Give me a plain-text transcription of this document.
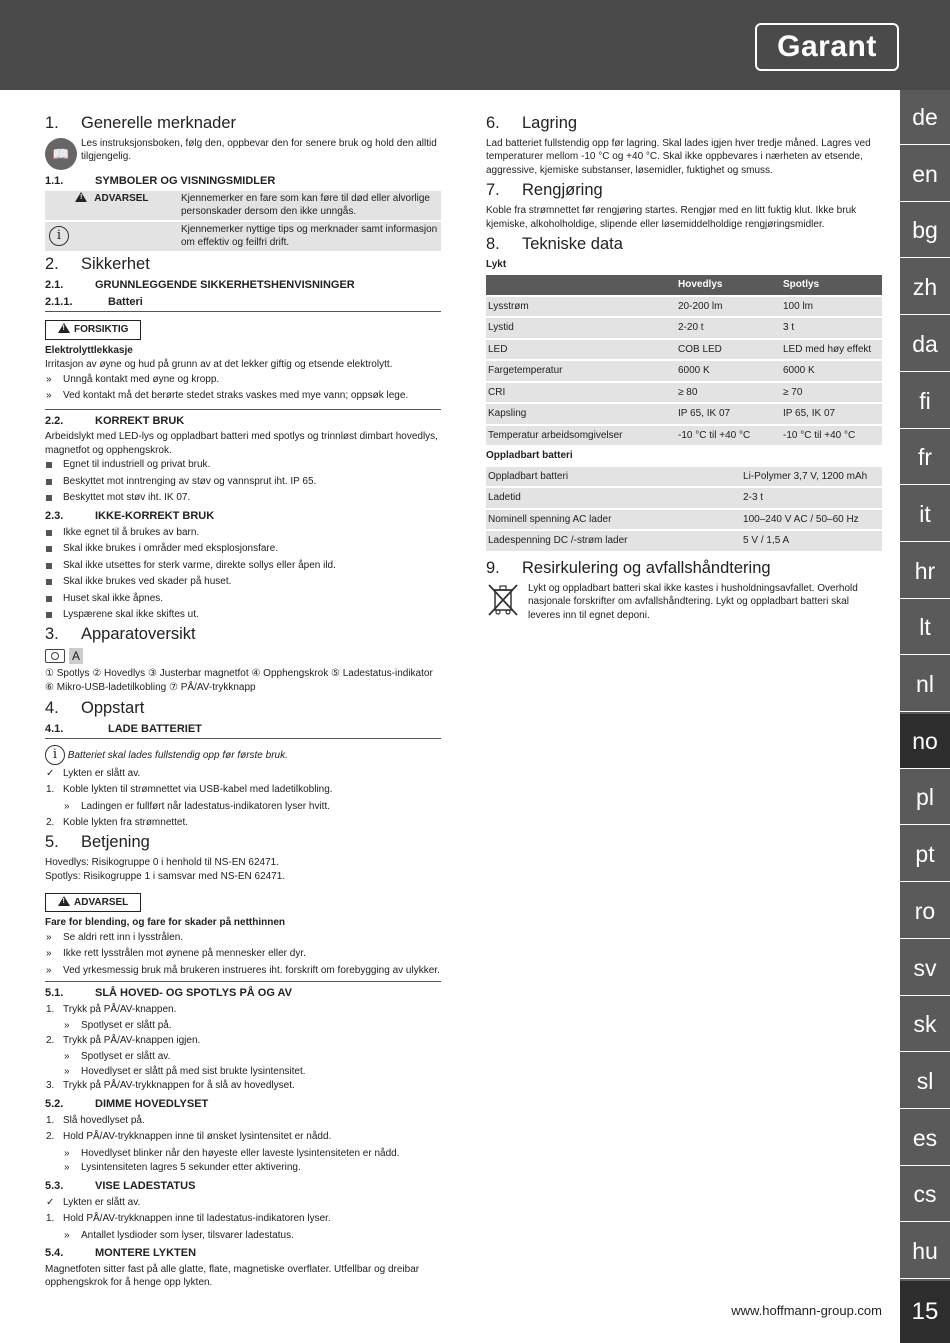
Garant
de
en
bg
zh
da
fi
fr
it
hr
lt
nl
no
pl
pt
ro
sv
sk
sl
es
cs
hu
15
www.hoffmann-group.com
1. Generelle merknader
📖

Les instruksjonsboken, følg den, oppbevar den for senere bruk og hold den alltid tilgjengelig.

1.1.	SYMBOLER OG VISNINGSMIDLER
! ADVARSEL	Kjennemerker en fare som kan føre til død eller alvorlige personskader dersom den ikke unngås.
i	Kjennemerker nyttige tips og merknader samt informasjon om effektiv og feilfri drift.
2. Sikkerhet
2.1.	GRUNNLEGGENDE SIKKERHETSHENVISNINGER
2.1.1.	Batteri
!FORSIKTIG

Elektrolyttlekkasje

Irritasjon av øyne og hud på grunn av at det lekker giftig og etsende elektrolytt.

» Unngå kontakt med øyne og kropp.
» Ved kontakt må det berørte stedet straks vaskes med mye vann; oppsøk lege.
2.2.	KORREKT BRUK

Arbeidslykt med LED-lys og oppladbart batteri med spotlys og trinnløst dimbart hovedlys, magnetfot og opphengskrok.

Egnet til industriell og privat bruk.
Beskyttet mot inntrenging av støv og vannsprut iht. IP 65.
Beskyttet mot støv iht. IK 07.
2.3.	IKKE-KORREKT BRUK
Ikke egnet til å brukes av barn.
Skal ikke brukes i områder med eksplosjonsfare.
Skal ikke utsettes for sterk varme, direkte sollys eller åpen ild.
Skal ikke brukes ved skader på huset.
Huset skal ikke åpnes.
Lyspærene skal ikke skiftes ut.
3. Apparatoversikt
A

① Spotlys ② Hovedlys ③ Justerbar magnetfot ④ Opphengskrok ⑤ Ladestatus-indikator ⑥ Mikro-USB-ladetilkobling ⑦ PÅ/AV-trykknapp

4. Oppstart
4.1.	LADE BATTERIET
i Batteriet skal lades fullstendig opp før første bruk.
✓ Lykten er slått av.
1. Koble lykten til strømnettet via USB-kabel med ladetilkobling.
» Ladingen er fullført når ladestatus-indikatoren lyser hvitt.
2. Koble lykten fra strømnettet.
5. Betjening

Hovedlys: Risikogruppe 0 i henhold til NS-EN 62471.

Spotlys: Risikogruppe 1 i samsvar med NS-EN 62471.

!ADVARSEL

Fare for blending, og fare for skader på netthinnen

» Se aldri rett inn i lysstrålen.
» Ikke rett lysstrålen mot øynene på mennesker eller dyr.
» Ved yrkesmessig bruk må brukeren instrueres iht. forskrift om forebygging av ulykker.
5.1.	SLÅ HOVED- OG SPOTLYS PÅ OG AV
1. Trykk på PÅ/AV-knappen.
» Spotlyset er slått på.
2. Trykk på PÅ/AV-knappen igjen.
» Spotlyset er slått av.
» Hovedlyset er slått på med sist brukte lysintensitet.
3. Trykk på PÅ/AV-trykknappen for å slå av hovedlyset.
5.2.	DIMME HOVEDLYSET
1. Slå hovedlyset på.
2. Hold PÅ/AV-trykknappen inne til ønsket lysintensitet er nådd.
» Hovedlyset blinker når den høyeste eller laveste lysintensiteten er nådd.
» Lysintensiteten lagres 5 sekunder etter aktivering.
5.3.	VISE LADESTATUS
✓ Lykten er slått av.
1. Hold PÅ/AV-trykknappen inne til ladestatus-indikatoren lyser.
» Antallet lysdioder som lyser, tilsvarer ladestatus.
5.4.	MONTERE LYKTEN

Magnetfoten sitter fast på alle glatte, flate, magnetiske overflater. Utfellbar og dreibar opphengskrok for å henge opp lykten.

6. Lagring

Lad batteriet fullstendig opp før lagring. Skal lades igjen hver tredje måned. Lagres ved temperaturer mellom -10 °C og +40 °C. Skal ikke oppbevares i nærheten av etsende, aggressive, kjemiske substanser, løsemidler, fuktighet og smuss.

7. Rengjøring

Koble fra strømnettet før rengjøring startes. Rengjør med en litt fuktig klut. Ikke bruk kjemiske, alkoholholdige, slipende eller løsemiddelholdige rengjøringsmidler.

8. Tekniske data

Lykt

	Hovedlys	Spotlys
Lysstrøm	20-200 lm	100 lm
Lystid	2-20 t	3 t
LED	COB LED	LED med høy effekt
Fargetemperatur	6000 K	6000 K
CRI	≥ 80	≥ 70
Kapsling	IP 65, IK 07	IP 65, IK 07
Temperatur arbeidsomgivelser	-10 °C til +40 °C	-10 °C til +40 °C

Oppladbart batteri

Oppladbart batteri	Li-Polymer 3,7 V, 1200 mAh
Ladetid	2-3 t
Nominell spenning AC lader	100–240 V AC / 50–60 Hz
Ladespenning DC /-strøm lader	5 V / 1,5 A
9. Resirkulering og avfallshåndtering

Lykt og oppladbart batteri skal ikke kastes i husholdningsavfallet. Overhold nasjonale forskrifter om avfallshåndtering. Lykt og oppladbart batteri skal leveres inn til egnet deponi.
